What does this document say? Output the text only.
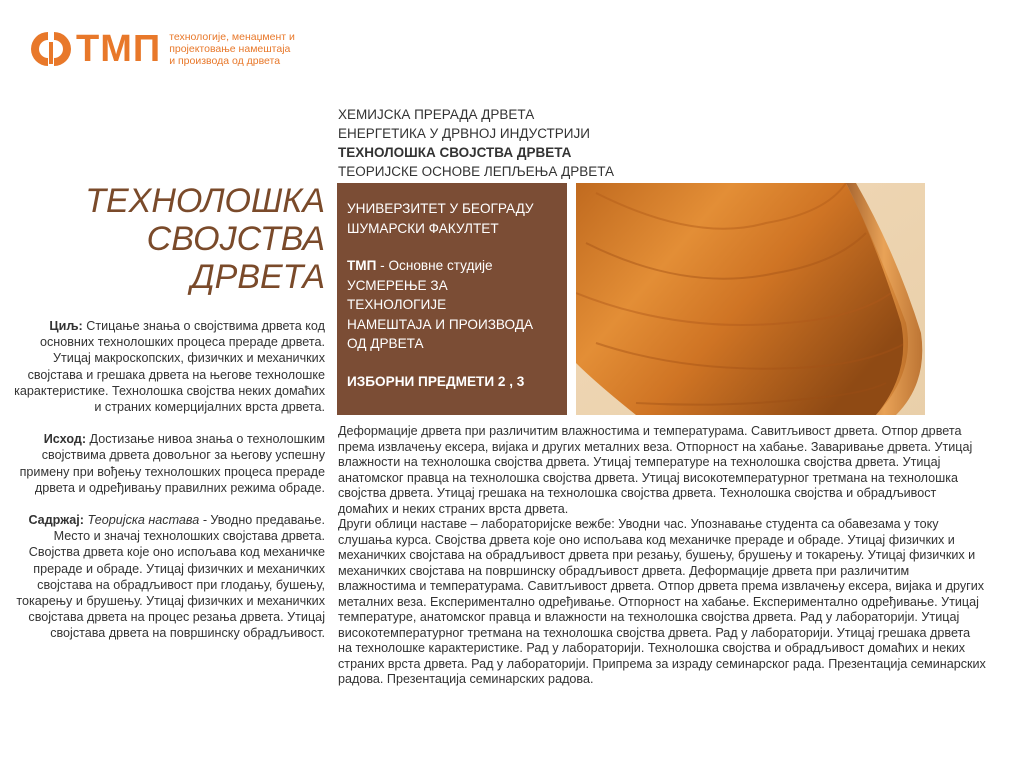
ТМП технологије, менаџмент и
пројектовање намештаја
и производа од дрвета
ХЕМИЈСКА ПРЕРАДА ДРВЕТА
ЕНЕРГЕТИКА У ДРВНОЈ ИНДУСТРИЈИ
ТЕХНОЛОШКА СВОЈСТВА ДРВЕТА
ТЕОРИЈСКЕ ОСНОВЕ ЛЕПЉЕЊА ДРВЕТА
ТЕХНОЛОШКА
СВОЈСТВА
ДРВЕТА

Циљ: Стицање знања о својствима дрвета код основних технолошких процеса прераде дрвета. Утицај макроскопских, физичких и механичких својстава и грешака дрвета на његове технолошке карактеристике. Технолошка својства неких домаћих и страних комерцијалних врста дрвета.

Исход: Достизање нивоа знања о технолошким својствима дрвета довољног за његову успешну примену при вођењу технолошких процеса прераде дрвета и одређивању правилних режима обраде.

Садржај: Теоријска настава - Уводно предавање. Место и значај технолошких својстава дрвета. Својства дрвета које оно испољава код механичке прераде и обраде. Утицај физичких и механичких својстава на обрадљивост при глодању, бушењу, токарењу и брушењу. Утицај физичких и механичких својстава дрвета на процес резања дрвета. Утицај својстава дрвета на површинску обрадљивост.

УНИВЕРЗИТЕТ У БЕОГРАДУ
ШУМАРСКИ ФАКУЛТЕТ
ТМП - Основне студије
УСМЕРЕЊЕ ЗА
ТЕХНОЛОГИЈЕ
НАМЕШТАЈА И ПРОИЗВОДА
ОД ДРВЕТА
ИЗБОРНИ ПРЕДМЕТИ 2 , 3

Деформације дрвета при различитим влажностима и температурама. Савитљивост дрвета. Отпор дрвета према извлачењу ексера, вијака и других металних веза. Отпорност на хабање. Заваривање дрвета. Утицај влажности на технолошка својства дрвета. Утицај температуре на технолошка својства дрвета. Утицај анатомског правца на технолошка својства дрвета. Утицај високотемпературног третмана на технолошка својства дрвета. Утицај грешака на технолошка својства дрвета. Технолошка својства и обрадљивост домаћих и неких страних врста дрвета.

Други облици наставе – лабораторијске вежбе: Уводни час. Упознавање студента са обавезама у току слушања курса. Својства дрвета које оно испољава код механичке прераде и обраде. Утицај физичких и механичких својстава на обрадљивост дрвета при резању, бушењу, брушењу и токарењу. Утицај физичких и механичких својстава на површинску обрадљивост дрвета. Деформације дрвета при различитим влажностима и температурама. Савитљивост дрвета. Отпор дрвета према извлачењу ексера, вијака и других металних веза. Експериментално одређивање. Отпорност на хабање. Експериментално одређивање. Утицај температуре, анатомског правца и влажности на технолошка својства дрвета. Рад у лабораторији. Утицај високотемпературног третмана на технолошка својства дрвета. Рад у лабораторији. Утицај грешака дрвета на технолошке карактеристике. Рад у лабораторији. Технолошка својства и обрадљивост домаћих и неких страних врста дрвета. Рад у лабораторији. Припрема за израду семинарског рада. Презентација семинарских радова. Презентација семинарских радова.
